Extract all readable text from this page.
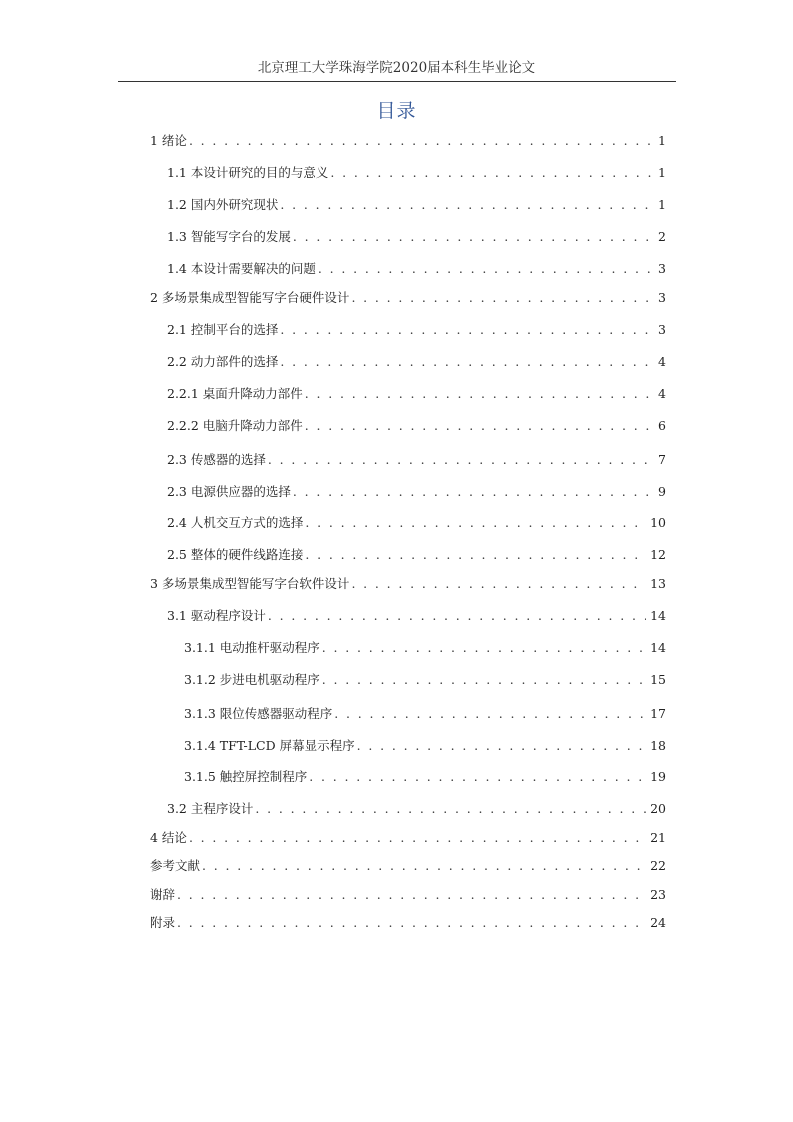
北京理工大学珠海学院2020届本科生毕业论文
目录
1 绪论 . . .	1
1.1 本设计研究的目的与意义 . . .	1
1.2 国内外研究现状 . . .	1
1.3 智能写字台的发展 . . .	2
1.4 本设计需要解决的问题 . . .	3
2 多场景集成型智能写字台硬件设计 . . .	3
2.1 控制平台的选择 . . .	3
2.2 动力部件的选择 . . .	4
2.2.1 桌面升降动力部件 . . .	4
2.2.2 电脑升降动力部件 . . .	6
2.3 传感器的选择 . . .	7
2.3 电源供应器的选择 . . .	9
2.4 人机交互方式的选择 . . .	10
2.5 整体的硬件线路连接 . . .	12
3 多场景集成型智能写字台软件设计 . . .	13
3.1 驱动程序设计 . . .	14
3.1.1 电动推杆驱动程序 . . .	14
3.1.2 步进电机驱动程序 . . .	15
3.1.3 限位传感器驱动程序 . . .	17
3.1.4 TFT-LCD 屏幕显示程序 . . .	18
3.1.5 触控屏控制程序 . . .	19
3.2 主程序设计 . . .	20
4 结论 . . .	21
参考文献 . . .	22
谢辞 . . .	23
附录 . . .	24
